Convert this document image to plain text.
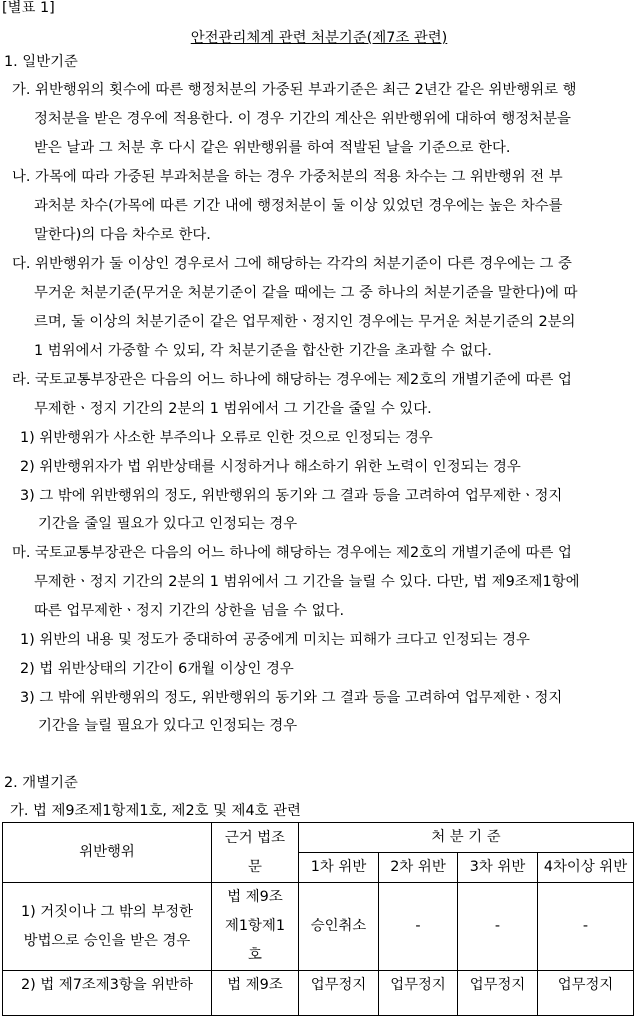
[별표 1]
안전관리체계 관련 처분기준(제7조 관련)
1. 일반기준
가. 위반행위의 횟수에 따른 행정처분의 가중된 부과기준은 최근 2년간 같은 위반행위로 행
정처분을 받은 경우에 적용한다. 이 경우 기간의 계산은 위반행위에 대하여 행정처분을
받은 날과 그 처분 후 다시 같은 위반행위를 하여 적발된 날을 기준으로 한다.
나. 가목에 따라 가중된 부과처분을 하는 경우 가중처분의 적용 차수는 그 위반행위 전 부
과처분 차수(가목에 따른 기간 내에 행정처분이 둘 이상 있었던 경우에는 높은 차수를
말한다)의 다음 차수로 한다.
다. 위반행위가 둘 이상인 경우로서 그에 해당하는 각각의 처분기준이 다른 경우에는 그 중
무거운 처분기준(무거운 처분기준이 같을 때에는 그 중 하나의 처분기준을 말한다)에 따
르며, 둘 이상의 처분기준이 같은 업무제한ㆍ정지인 경우에는 무거운 처분기준의 2분의
1 범위에서 가중할 수 있되, 각 처분기준을 합산한 기간을 초과할 수 없다.
라. 국토교통부장관은 다음의 어느 하나에 해당하는 경우에는 제2호의 개별기준에 따른 업
무제한ㆍ정지 기간의 2분의 1 범위에서 그 기간을 줄일 수 있다.
1) 위반행위가 사소한 부주의나 오류로 인한 것으로 인정되는 경우
2) 위반행위자가 법 위반상태를 시정하거나 해소하기 위한 노력이 인정되는 경우
3) 그 밖에 위반행위의 정도, 위반행위의 동기와 그 결과 등을 고려하여 업무제한ㆍ정지
기간을 줄일 필요가 있다고 인정되는 경우
마. 국토교통부장관은 다음의 어느 하나에 해당하는 경우에는 제2호의 개별기준에 따른 업
무제한ㆍ정지 기간의 2분의 1 범위에서 그 기간을 늘릴 수 있다. 다만, 법 제9조제1항에
따른 업무제한ㆍ정지 기간의 상한을 넘을 수 없다.
1) 위반의 내용 및 정도가 중대하여 공중에게 미치는 피해가 크다고 인정되는 경우
2) 법 위반상태의 기간이 6개월 이상인 경우
3) 그 밖에 위반행위의 정도, 위반행위의 동기와 그 결과 등을 고려하여 업무제한ㆍ정지
기간을 늘릴 필요가 있다고 인정되는 경우
2. 개별기준
가. 법 제9조제1항제1호, 제2호 및 제4호 관련
위반행위	근거 법조
문	처 분 기 준			
		1차 위반	2차 위반	3차 위반	4차이상 위반

1) 거짓이나 그 밖의 부정한
방법으로 승인을 받은 경우	법 제9조
제1항제1
호	승인취소	-	-	-
2) 법 제7조제3항을 위반하	법 제9조	업무정지	업무정지	업무정지	업무정지
